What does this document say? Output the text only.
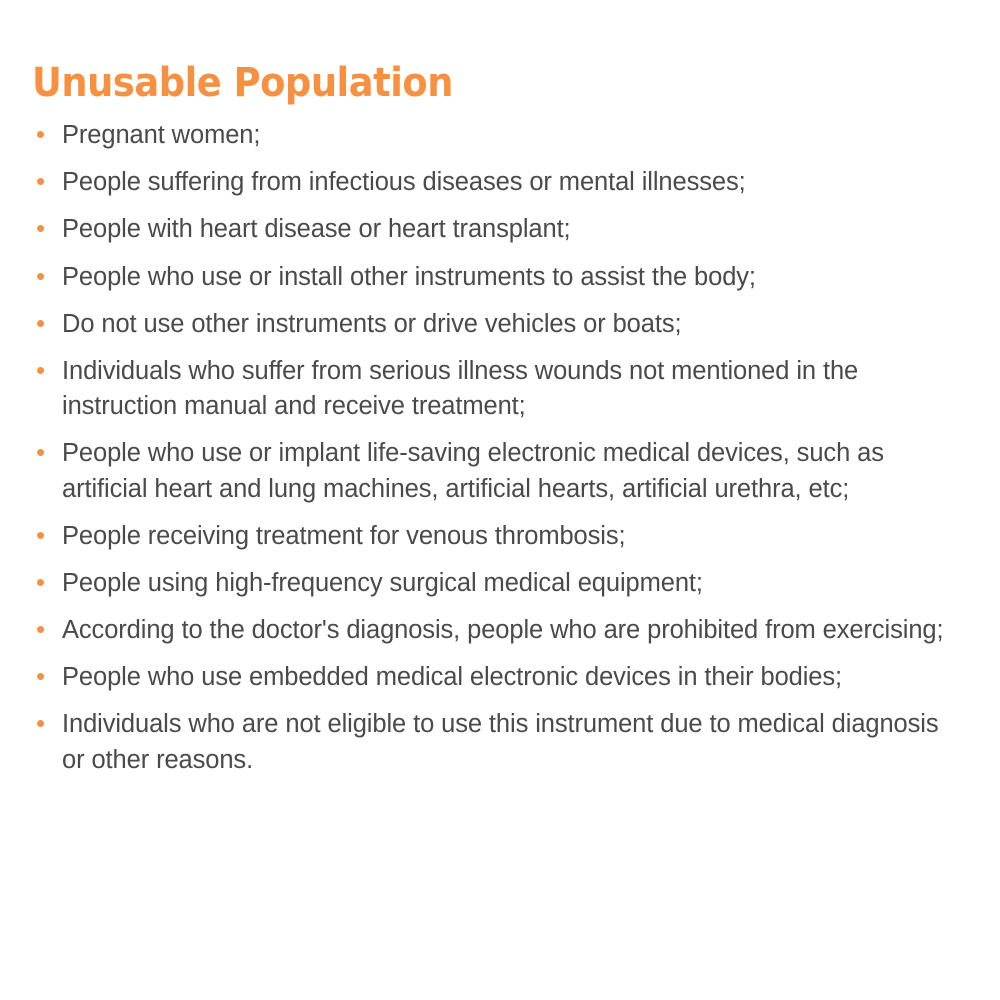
Unusable Population
• Pregnant women;
• People suffering from infectious diseases or mental illnesses;
• People with heart disease or heart transplant;
• People who use or install other instruments to assist the body;
• Do not use other instruments or drive vehicles or boats;
• Individuals who suffer from serious illness wounds not mentioned in the instruction manual and receive treatment;
• People who use or implant life-saving electronic medical devices, such as artificial heart and lung machines, artificial hearts, artificial urethra, etc;
• People receiving treatment for venous thrombosis;
• People using high-frequency surgical medical equipment;
• According to the doctor's diagnosis, people who are prohibited from exercising;
• People who use embedded medical electronic devices in their bodies;
• Individuals who are not eligible to use this instrument due to medical diagnosis or other reasons.
